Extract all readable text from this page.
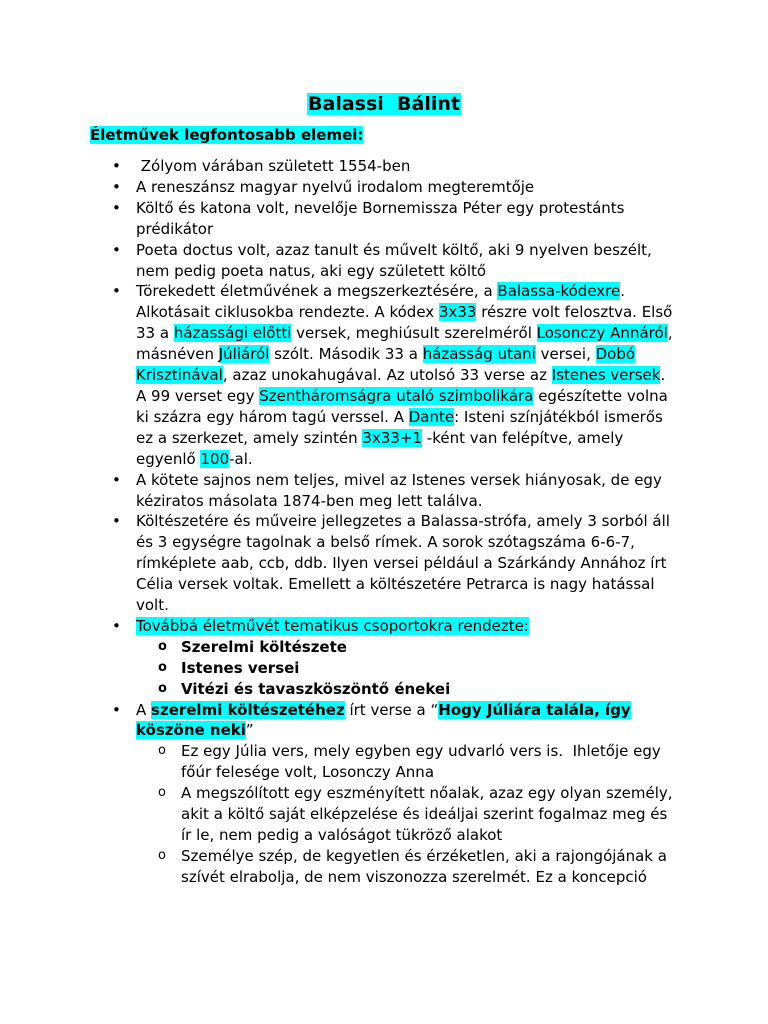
Balassi  Bálint

Életművek legfontosabb elemei:

•  Zólyom várában született 1554-ben
• A reneszánsz magyar nyelvű irodalom megteremtője
• Költő és katona volt, nevelője Bornemissza Péter egy protestánts prédikátor
• Poeta doctus volt, azaz tanult és művelt költő, aki 9 nyelven beszélt, nem pedig poeta natus, aki egy született költő
• Törekedett életművének a megszerkeztésére, a Balassa-kódexre. Alkotásait ciklusokba rendezte. A kódex 3x33 részre volt felosztva. Első 33 a házassági előtti versek, meghiúsult szerelméről Losonczy Annáról, másnéven Júliáról szólt. Második 33 a házasság utani versei, Dobó Krisztinával, azaz unokahugával. Az utolsó 33 verse az Istenes versek. A 99 verset egy Szentháromságra utaló szimbolikára egészítette volna ki százra egy három tagú verssel. A Dante: Isteni színjátékból ismerős ez a szerkezet, amely szintén 3x33+1 -ként van felépítve, amely egyenlő 100-al.
• A kötete sajnos nem teljes, mivel az Istenes versek hiányosak, de egy kéziratos másolata 1874-ben meg lett találva.
• Költészetére és műveire jellegzetes a Balassa-strófa, amely 3 sorból áll és 3 egységre tagolnak a belső rímek. A sorok szótagszáma 6-6-7, rímképlete aab, ccb, ddb. Ilyen versei például a Szárkándy Annához írt Célia versek voltak. Emellett a költészetére Petrarca is nagy hatással volt.
• Továbbá életművét tematikus csoportokra rendezte:
o Szerelmi költészete
o Istenes versei
o Vitézi és tavaszköszöntő énekei
• A szerelmi költészetéhez írt verse a “Hogy Júliára talála, így köszöne neki”
o Ez egy Júlia vers, mely egyben egy udvarló vers is.  Ihletője egy főúr felesége volt, Losonczy Anna
o A megszólított egy eszményített nőalak, azaz egy olyan személy, akit a költő saját elképzelése és ideáljai szerint fogalmaz meg és ír le, nem pedig a valóságot tükröző alakot
o Személye szép, de kegyetlen és érzéketlen, aki a rajongójának a szívét elrabolja, de nem viszonozza szerelmét. Ez a koncepció
